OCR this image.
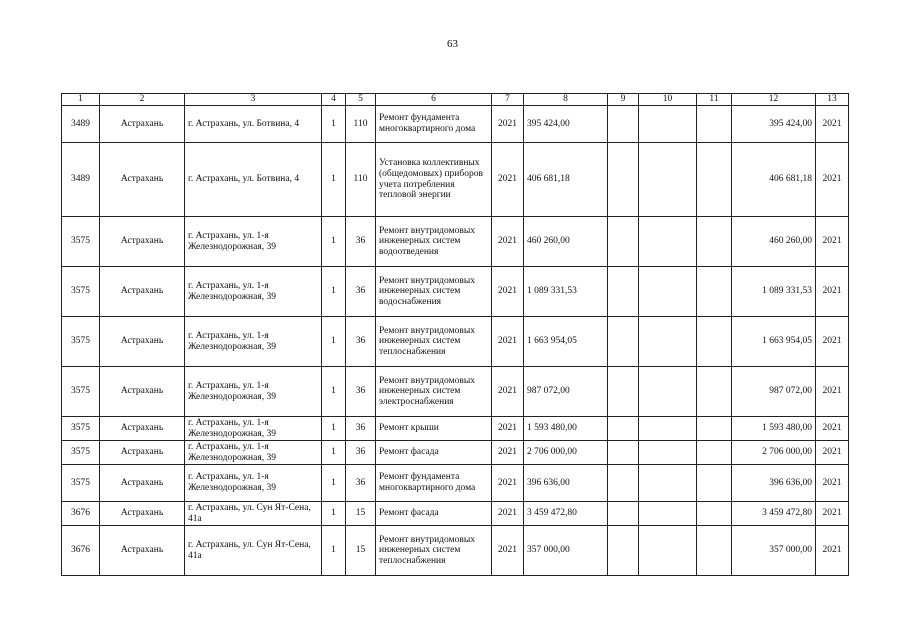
63
1	2	3	4	5	6	7	8	9	10	11	12	13
3489	Астрахань	г. Астрахань, ул. Ботвина, 4	1	110	Ремонт фундамента многоквартирного дома	2021	395 424,00				395 424,00	2021
3489	Астрахань	г. Астрахань, ул. Ботвина, 4	1	110	Установка коллективных (общедомовых) приборов учета потребления тепловой энергии	2021	406 681,18				406 681,18	2021
3575	Астрахань	г. Астрахань, ул. 1-я Железнодорожная, 39	1	36	Ремонт внутридомовых инженерных систем водоотведения	2021	460 260,00				460 260,00	2021
3575	Астрахань	г. Астрахань, ул. 1-я Железнодорожная, 39	1	36	Ремонт внутридомовых инженерных систем водоснабжения	2021	1 089 331,53				1 089 331,53	2021
3575	Астрахань	г. Астрахань, ул. 1-я Железнодорожная, 39	1	36	Ремонт внутридомовых инженерных систем теплоснабжения	2021	1 663 954,05				1 663 954,05	2021
3575	Астрахань	г. Астрахань, ул. 1-я Железнодорожная, 39	1	36	Ремонт внутридомовых инженерных систем электроснабжения	2021	987 072,00				987 072,00	2021
3575	Астрахань	г. Астрахань, ул. 1-я Железнодорожная, 39	1	36	Ремонт крыши	2021	1 593 480,00				1 593 480,00	2021
3575	Астрахань	г. Астрахань, ул. 1-я Железнодорожная, 39	1	36	Ремонт фасада	2021	2 706 000,00				2 706 000,00	2021
3575	Астрахань	г. Астрахань, ул. 1-я Железнодорожная, 39	1	36	Ремонт фундамента многоквартирного дома	2021	396 636,00				396 636,00	2021
3676	Астрахань	г. Астрахань, ул. Сун Ят-Сена, 41а	1	15	Ремонт фасада	2021	3 459 472,80				3 459 472,80	2021
3676	Астрахань	г. Астрахань, ул. Сун Ят-Сена, 41а	1	15	Ремонт внутридомовых инженерных систем теплоснабжения	2021	357 000,00				357 000,00	2021
